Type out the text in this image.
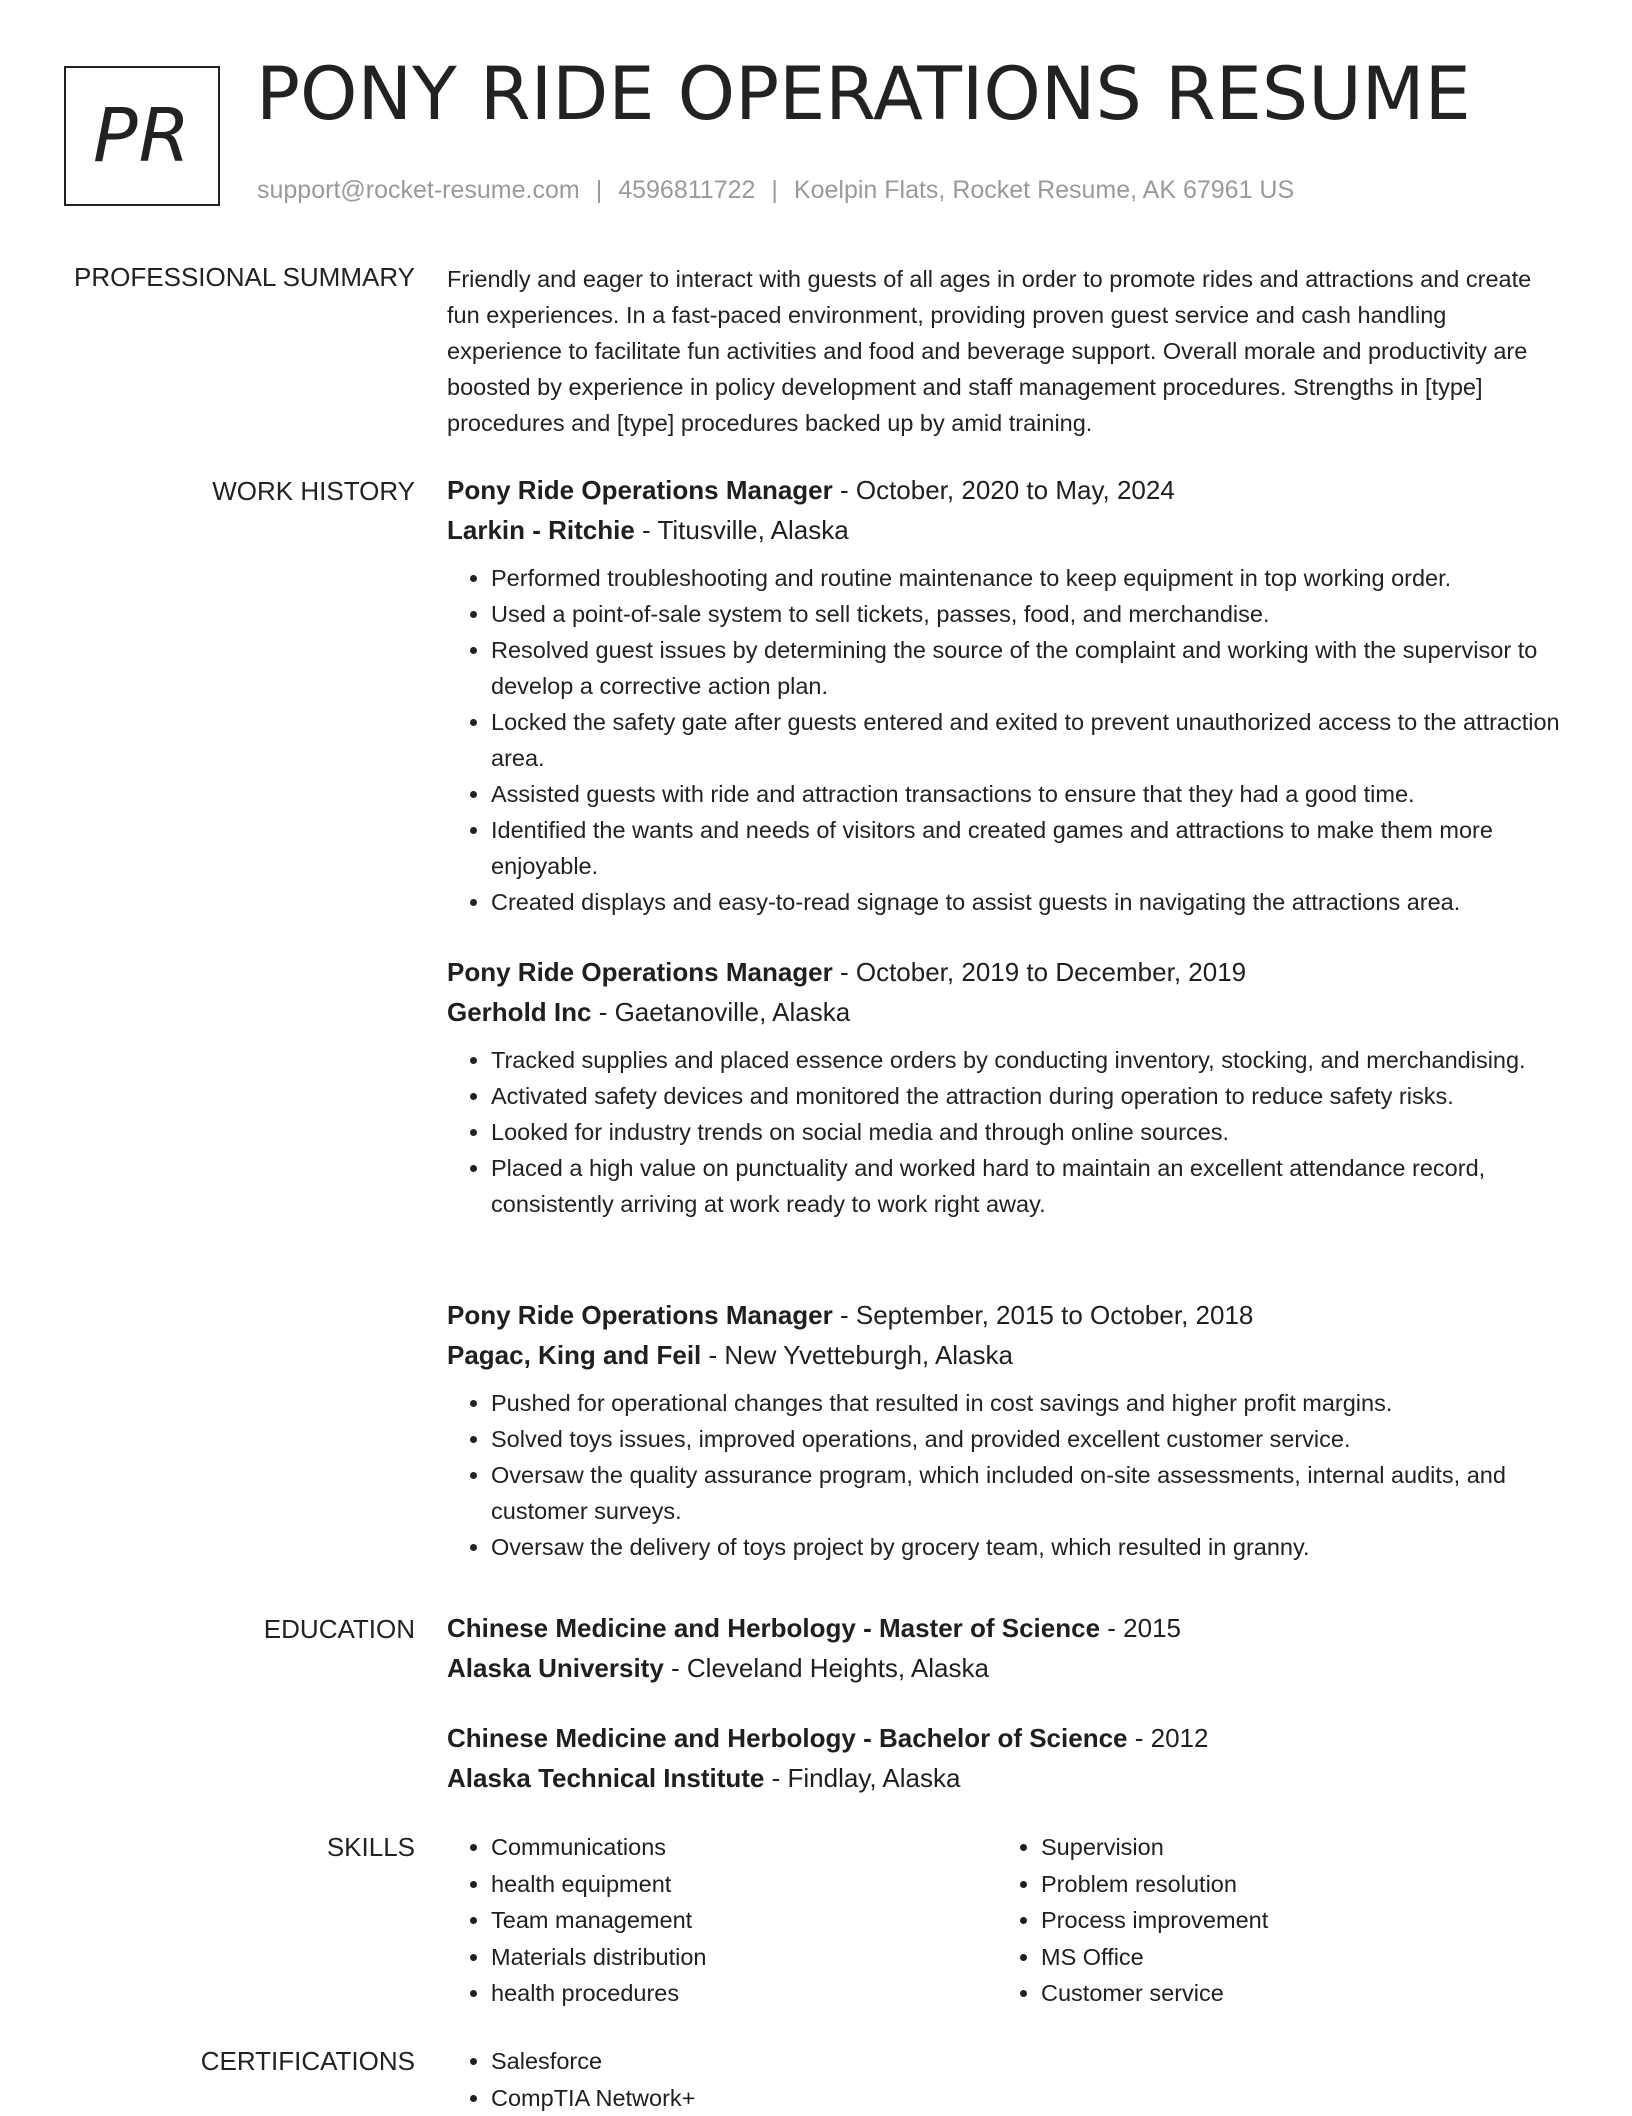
PR PONY RIDE OPERATIONS RESUME
support@rocket-resume.com | 4596811722 | Koelpin Flats, Rocket Resume, AK 67961 US
PROFESSIONAL SUMMARY Friendly and eager to interact with guests of all ages in order to promote rides and attractions and create fun experiences. In a fast-paced environment, providing proven guest service and cash handling experience to facilitate fun activities and food and beverage support. Overall morale and productivity are boosted by experience in policy development and staff management procedures. Strengths in [type] procedures and [type] procedures backed up by amid training.
WORK HISTORY Pony Ride Operations Manager - October, 2020 to May, 2024
Larkin - Ritchie - Titusville, Alaska
• Performed troubleshooting and routine maintenance to keep equipment in top working order.
• Used a point-of-sale system to sell tickets, passes, food, and merchandise.
• Resolved guest issues by determining the source of the complaint and working with the supervisor to develop a corrective action plan.
• Locked the safety gate after guests entered and exited to prevent unauthorized access to the attraction area.
• Assisted guests with ride and attraction transactions to ensure that they had a good time.
• Identified the wants and needs of visitors and created games and attractions to make them more enjoyable.
• Created displays and easy-to-read signage to assist guests in navigating the attractions area.
Pony Ride Operations Manager - October, 2019 to December, 2019
Gerhold Inc - Gaetanoville, Alaska
• Tracked supplies and placed essence orders by conducting inventory, stocking, and merchandising.
• Activated safety devices and monitored the attraction during operation to reduce safety risks.
• Looked for industry trends on social media and through online sources.
• Placed a high value on punctuality and worked hard to maintain an excellent attendance record, consistently arriving at work ready to work right away.
Pony Ride Operations Manager - September, 2015 to October, 2018
Pagac, King and Feil - New Yvetteburgh, Alaska
• Pushed for operational changes that resulted in cost savings and higher profit margins.
• Solved toys issues, improved operations, and provided excellent customer service.
• Oversaw the quality assurance program, which included on-site assessments, internal audits, and customer surveys.
• Oversaw the delivery of toys project by grocery team, which resulted in granny.
EDUCATION Chinese Medicine and Herbology - Master of Science - 2015
Alaska University - Cleveland Heights, Alaska
Chinese Medicine and Herbology - Bachelor of Science - 2012
Alaska Technical Institute - Findlay, Alaska
SKILLS	• Communications
• health equipment
• Team management
• Materials distribution
• health procedures
• Supervision
• Problem resolution
• Process improvement
• MS Office
• Customer service
CERTIFICATIONS	• Salesforce
• CompTIA Network+
